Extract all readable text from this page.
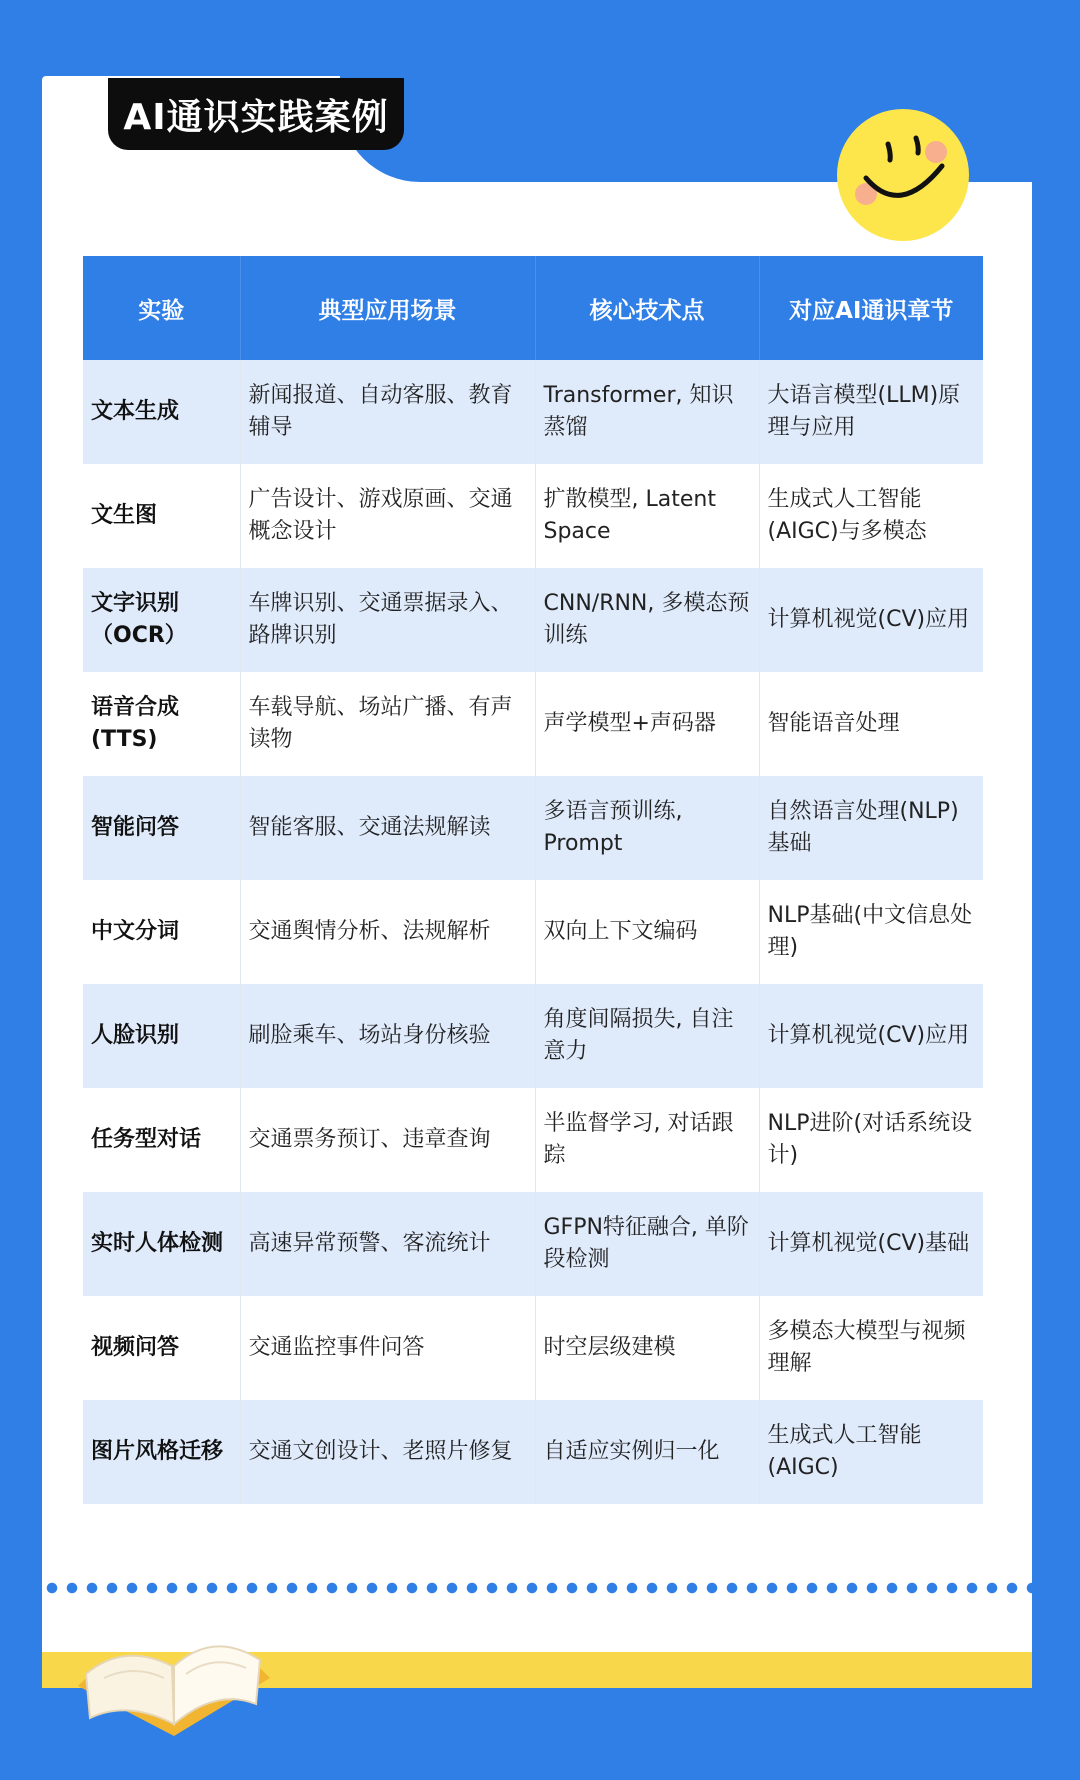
AI通识实践案例
实验	典型应用场景	核心技术点	对应AI通识章节
文本生成	新闻报道、自动客服、教育辅导	Transformer, 知识蒸馏	大语言模型(LLM)原理与应用
文生图	广告设计、游戏原画、交通概念设计	扩散模型, Latent Space	生成式人工智能(AIGC)与多模态
文字识别（OCR）	车牌识别、交通票据录入、路牌识别	CNN/RNN, 多模态预训练	计算机视觉(CV)应用
语音合成(TTS)	车载导航、场站广播、有声读物	声学模型+声码器	智能语音处理
智能问答	智能客服、交通法规解读	多语言预训练, Prompt	自然语言处理(NLP)基础
中文分词	交通舆情分析、法规解析	双向上下文编码	NLP基础(中文信息处理)
人脸识别	刷脸乘车、场站身份核验	角度间隔损失, 自注意力	计算机视觉(CV)应用
任务型对话	交通票务预订、违章查询	半监督学习, 对话跟踪	NLP进阶(对话系统设计)
实时人体检测	高速异常预警、客流统计	GFPN特征融合, 单阶段检测	计算机视觉(CV)基础
视频问答	交通监控事件问答	时空层级建模	多模态大模型与视频理解
图片风格迁移	交通文创设计、老照片修复	自适应实例归一化	生成式人工智能(AIGC)
